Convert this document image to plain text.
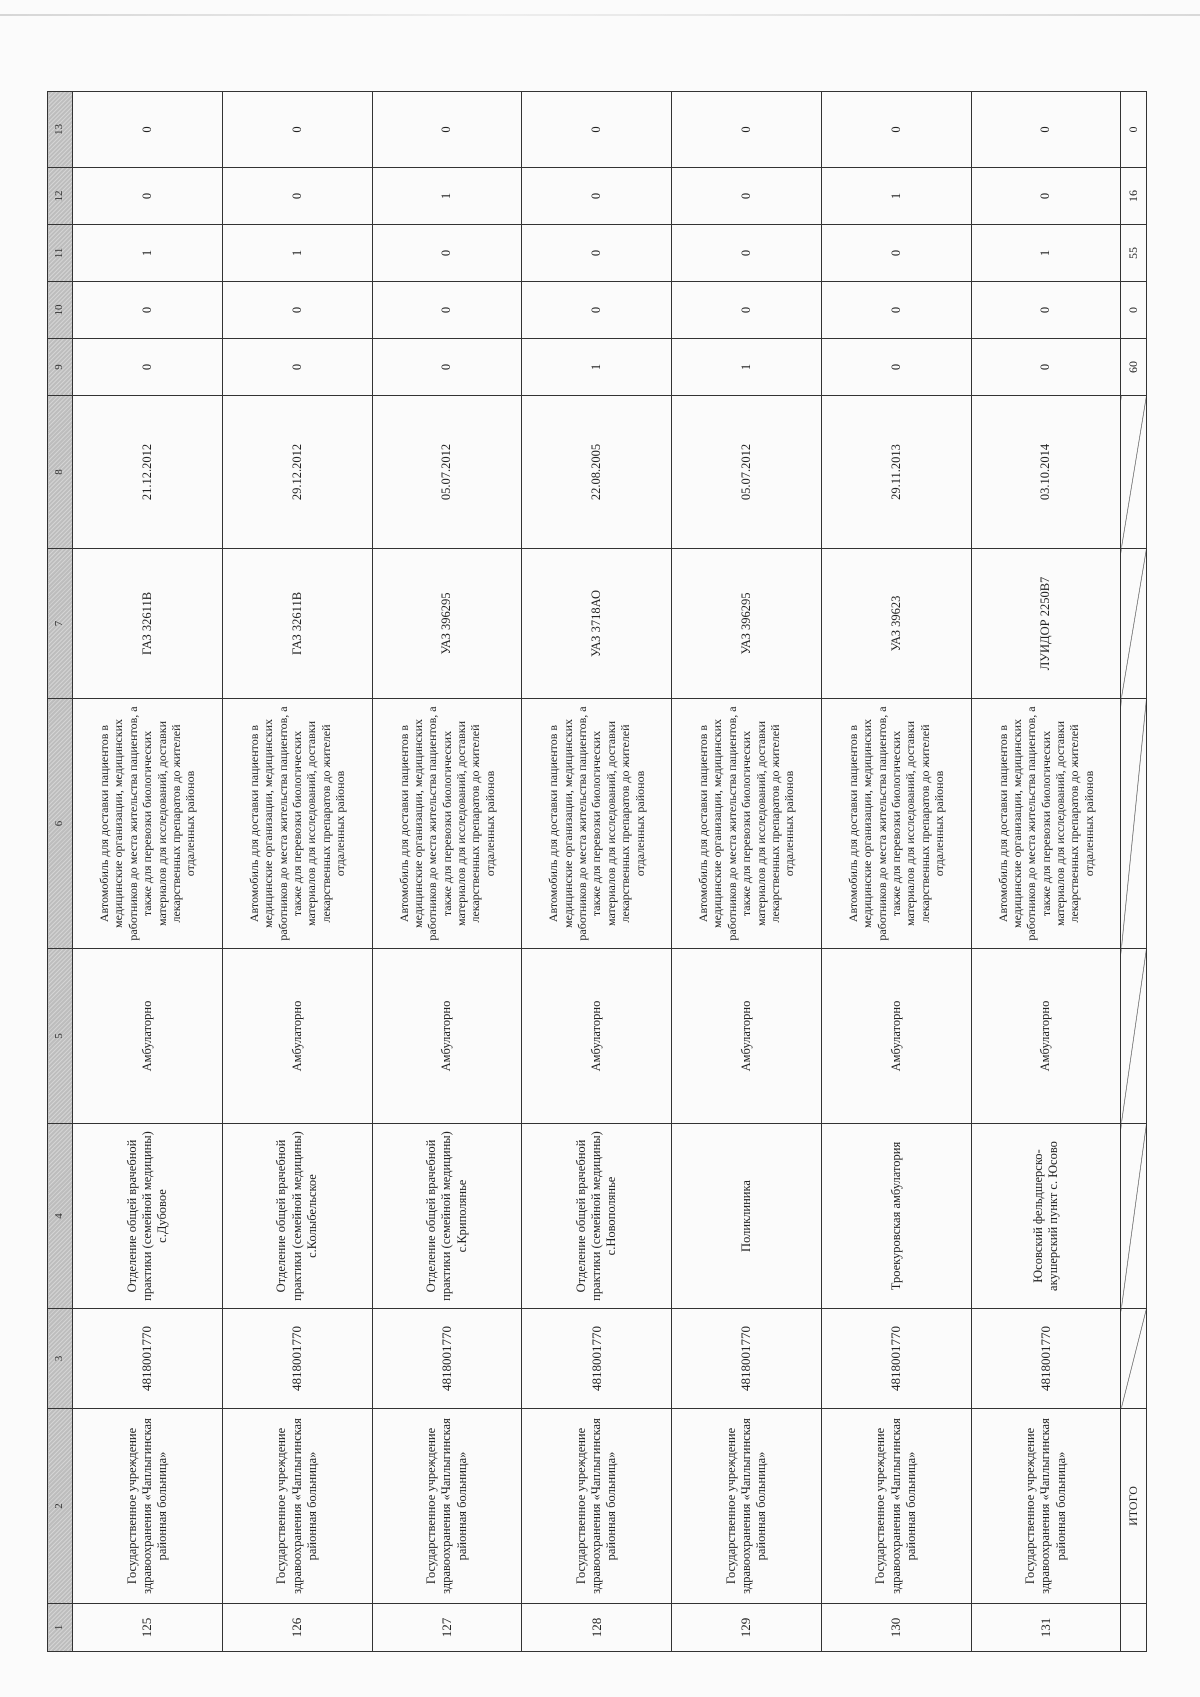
1	2	3	4	5	6	7	8	9	10	11	12	13
125	Государственное учреждение здравоохранения «Чаплыгинская районная больница»	4818001770	Отделение общей врачебной практики (семейной медицины) с.Дубовое	Амбулаторно	Автомобиль для доставки пациентов в медицинские организации, медицинских работников до места жительства пациентов, а также для перевозки биологических материалов для исследований, доставки лекарственных препаратов до жителей отдаленных районов	ГАЗ 32611В	21.12.2012	0	0	1	0	0
126	Государственное учреждение здравоохранения «Чаплыгинская районная больница»	4818001770	Отделение общей врачебной практики (семейной медицины) с.Колыбельское	Амбулаторно	Автомобиль для доставки пациентов в медицинские организации, медицинских работников до места жительства пациентов, а также для перевозки биологических материалов для исследований, доставки лекарственных препаратов до жителей отдаленных районов	ГАЗ 32611В	29.12.2012	0	0	1	0	0
127	Государственное учреждение здравоохранения «Чаплыгинская районная больница»	4818001770	Отделение общей врачебной практики (семейной медицины) с.Криполянье	Амбулаторно	Автомобиль для доставки пациентов в медицинские организации, медицинских работников до места жительства пациентов, а также для перевозки биологических материалов для исследований, доставки лекарственных препаратов до жителей отдаленных районов	УАЗ 396295	05.07.2012	0	0	0	1	0
128	Государственное учреждение здравоохранения «Чаплыгинская районная больница»	4818001770	Отделение общей врачебной практики (семейной медицины) с.Новополянье	Амбулаторно	Автомобиль для доставки пациентов в медицинские организации, медицинских работников до места жительства пациентов, а также для перевозки биологических материалов для исследований, доставки лекарственных препаратов до жителей отдаленных районов	УАЗ 3718АО	22.08.2005	1	0	0	0	0
129	Государственное учреждение здравоохранения «Чаплыгинская районная больница»	4818001770	Поликлиника	Амбулаторно	Автомобиль для доставки пациентов в медицинские организации, медицинских работников до места жительства пациентов, а также для перевозки биологических материалов для исследований, доставки лекарственных препаратов до жителей отдаленных районов	УАЗ 396295	05.07.2012	1	0	0	0	0
130	Государственное учреждение здравоохранения «Чаплыгинская районная больница»	4818001770	Троекуровская амбулатория	Амбулаторно	Автомобиль для доставки пациентов в медицинские организации, медицинских работников до места жительства пациентов, а также для перевозки биологических материалов для исследований, доставки лекарственных препаратов до жителей отдаленных районов	УАЗ 39623	29.11.2013	0	0	0	1	0
131	Государственное учреждение здравоохранения «Чаплыгинская районная больница»	4818001770	Юсовский фельдшерско-акушерский пункт с. Юсово	Амбулаторно	Автомобиль для доставки пациентов в медицинские организации, медицинских работников до места жительства пациентов, а также для перевозки биологических материалов для исследований, доставки лекарственных препаратов до жителей отдаленных районов	ЛУИДОР 2250В7	03.10.2014	0	0	1	0	0
	ИТОГО							60	0	55	16	0
